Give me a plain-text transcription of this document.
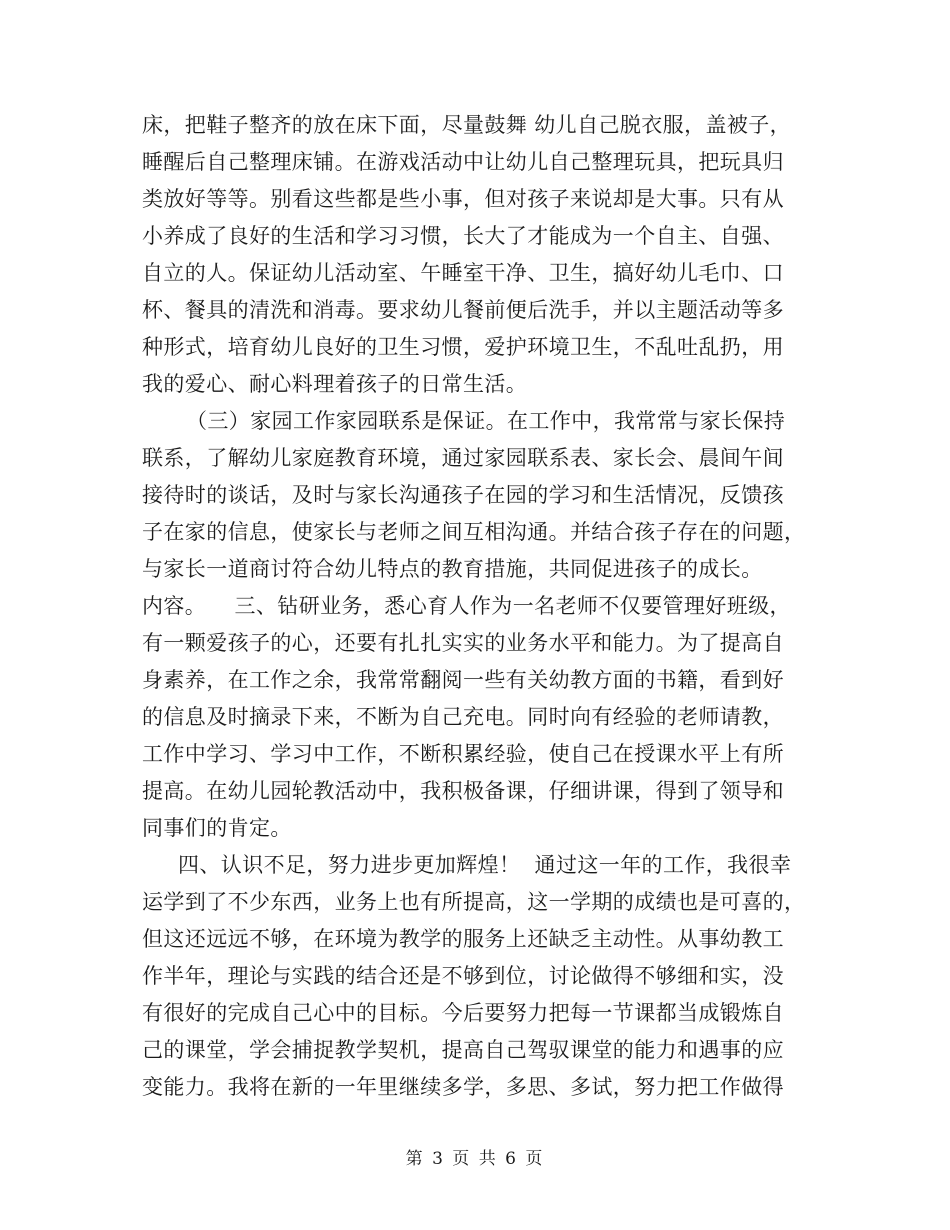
床，把鞋子整齐的放在床下面，尽量鼓舞 幼儿自己脱衣服，盖被子，
睡醒后自己整理床铺。在游戏活动中让幼儿自己整理玩具，把玩具归
类放好等等。别看这些都是些小事，但对孩子来说却是大事。只有从
小养成了良好的生活和学习习惯，长大了才能成为一个自主、自强、
自立的人。保证幼儿活动室、午睡室干净、卫生，搞好幼儿毛巾、口
杯、餐具的清洗和消毒。要求幼儿餐前便后洗手，并以主题活动等多
种形式，培育幼儿良好的卫生习惯，爱护环境卫生，不乱吐乱扔，用
我的爱心、耐心料理着孩子的日常生活。
（三）家园工作家园联系是保证。在工作中，我常常与家长保持
联系，了解幼儿家庭教育环境，通过家园联系表、家长会、晨间午间
接待时的谈话，及时与家长沟通孩子在园的学习和生活情况，反馈孩
子在家的信息，使家长与老师之间互相沟通。并结合孩子存在的问题，
与家长一道商讨符合幼儿特点的教育措施，共同促进孩子的成长。
内容。    三、钻研业务，悉心育人作为一名老师不仅要管理好班级，
有一颗爱孩子的心，还要有扎扎实实的业务水平和能力。为了提高自
身素养，在工作之余，我常常翻阅一些有关幼教方面的书籍，看到好
的信息及时摘录下来，不断为自己充电。同时向有经验的老师请教，
工作中学习、学习中工作，不断积累经验，使自己在授课水平上有所
提高。在幼儿园轮教活动中，我积极备课，仔细讲课，得到了领导和
同事们的肯定。
四、认识不足，努力进步更加辉煌！  通过这一年的工作，我很幸
运学到了不少东西，业务上也有所提高，这一学期的成绩也是可喜的，
但这还远远不够，在环境为教学的服务上还缺乏主动性。从事幼教工
作半年，理论与实践的结合还是不够到位，讨论做得不够细和实，没
有很好的完成自己心中的目标。今后要努力把每一节课都当成锻炼自
己的课堂，学会捕捉教学契机，提高自己驾驭课堂的能力和遇事的应
变能力。我将在新的一年里继续多学，多思、多试，努力把工作做得
第 3 页 共 6 页
